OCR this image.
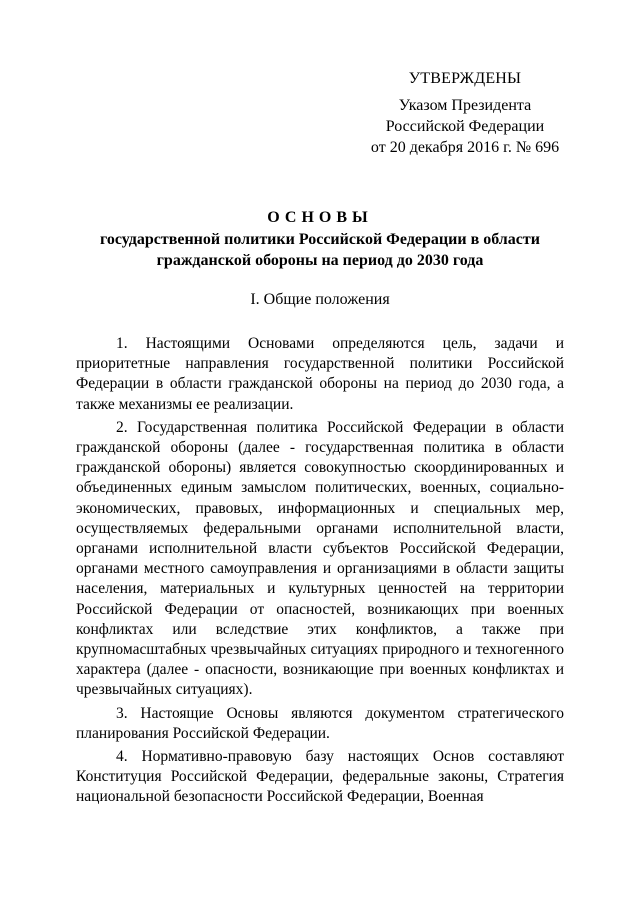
УТВЕРЖДЕНЫ
Указом Президента
Российской Федерации
от 20 декабря 2016 г. № 696
ОСНОВЫ
государственной политики Российской Федерации в области
гражданской обороны на период до 2030 года
I. Общие положения

1. Настоящими Основами определяются цель, задачи и приоритетные направления государственной политики Российской Федерации в области гражданской обороны на период до 2030 года, а также механизмы ее реализации.

2. Государственная политика Российской Федерации в области гражданской обороны (далее - государственная политика в области гражданской обороны) является совокупностью скоординированных и объединенных единым замыслом политических, военных, социально-экономических, правовых, информационных и специальных мер, осуществляемых федеральными органами исполнительной власти, органами исполнительной власти субъектов Российской Федерации, органами местного самоуправления и организациями в области защиты населения, материальных и культурных ценностей на территории Российской Федерации от опасностей, возникающих при военных конфликтах или вследствие этих конфликтов, а также при крупномасштабных чрезвычайных ситуациях природного и техногенного характера (далее - опасности, возникающие при военных конфликтах и чрезвычайных ситуациях).

3. Настоящие Основы являются документом стратегического планирования Российской Федерации.

4. Нормативно-правовую базу настоящих Основ составляют Конституция Российской Федерации, федеральные законы, Стратегия национальной безопасности Российской Федерации, Военная
